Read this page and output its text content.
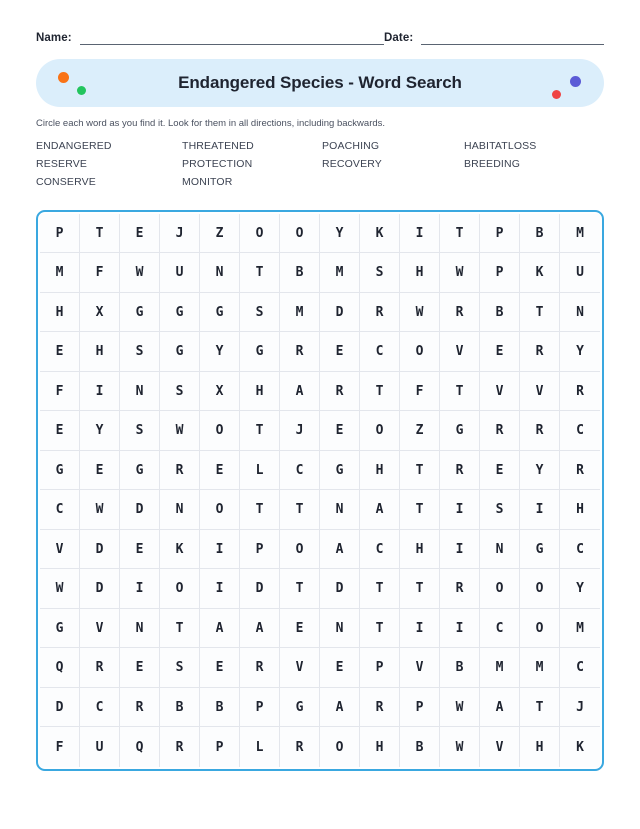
Name:	Date:
Endangered Species - Word Search

Circle each word as you find it. Look for them in all directions, including backwards.

ENDANGERED	THREATENED	POACHING	HABITATLOSS
RESERVE	PROTECTION	RECOVERY	BREEDING
CONSERVE	MONITOR
P	T	E	J	Z	O	O	Y	K	I	T	P	B	M
M	F	W	U	N	T	B	M	S	H	W	P	K	U
H	X	G	G	G	S	M	D	R	W	R	B	T	N
E	H	S	G	Y	G	R	E	C	O	V	E	R	Y
F	I	N	S	X	H	A	R	T	F	T	V	V	R
E	Y	S	W	O	T	J	E	O	Z	G	R	R	C
G	E	G	R	E	L	C	G	H	T	R	E	Y	R
C	W	D	N	O	T	T	N	A	T	I	S	I	H
V	D	E	K	I	P	O	A	C	H	I	N	G	C
W	D	I	O	I	D	T	D	T	T	R	O	O	Y
G	V	N	T	A	A	E	N	T	I	I	C	O	M
Q	R	E	S	E	R	V	E	P	V	B	M	M	C
D	C	R	B	B	P	G	A	R	P	W	A	T	J
F	U	Q	R	P	L	R	O	H	B	W	V	H	K
